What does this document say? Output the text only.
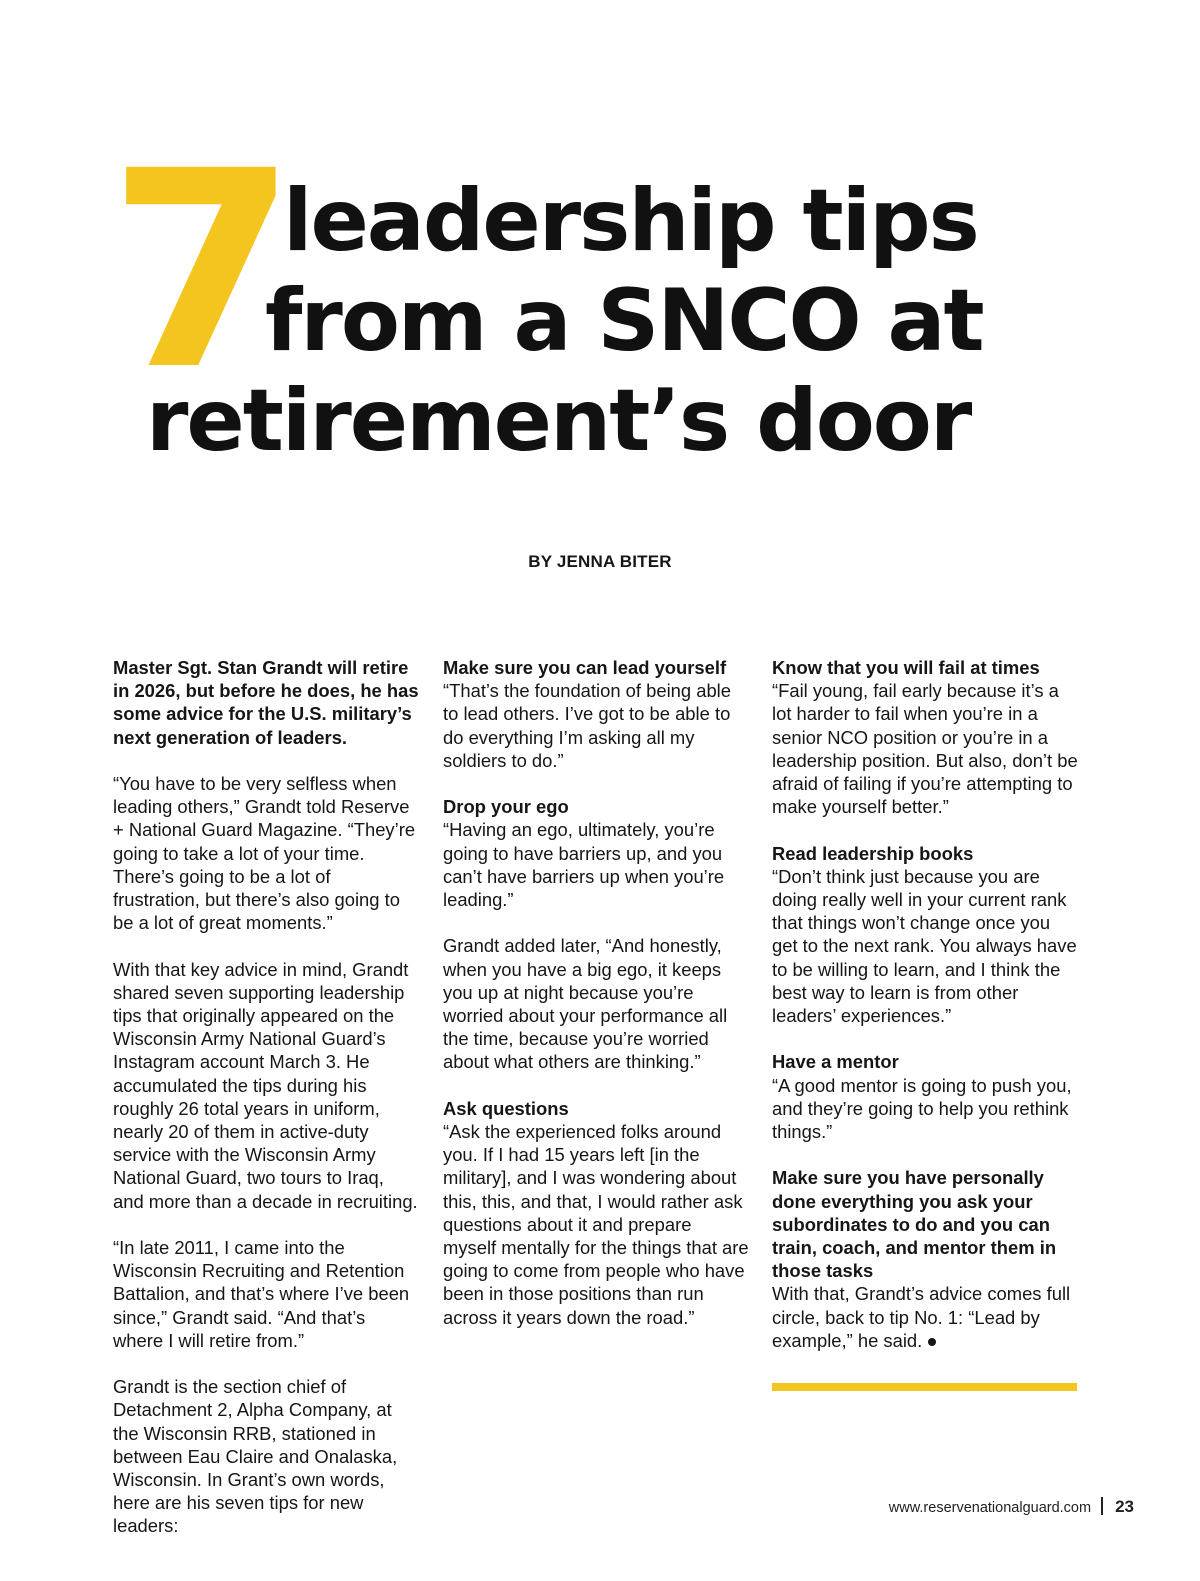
7
leadership tips
from a SNCO at
retirement’s door
BY JENNA BITER

Master Sgt. Stan Grandt will retire in 2026, but before he does, he has some advice for the U.S. military’s next generation of leaders.

“You have to be very selfless when leading others,” Grandt told Reserve + National Guard Magazine. “They’re going to take a lot of your time. There’s going to be a lot of frustration, but there’s also going to be a lot of great moments.”

With that key advice in mind, Grandt shared seven supporting leadership tips that originally appeared on the Wisconsin Army National Guard’s Instagram account March 3. He accumulated the tips during his roughly 26 total years in uniform, nearly 20 of them in active-duty service with the Wisconsin Army National Guard, two tours to Iraq, and more than a decade in recruiting.

“In late 2011, I came into the Wisconsin Recruiting and Retention Battalion, and that’s where I’ve been since,” Grandt said. “And that’s where I will retire from.”

Grandt is the section chief of Detachment 2, Alpha Company, at the Wisconsin RRB, stationed in between Eau Claire and Onalaska, Wisconsin. In Grant’s own words, here are his seven tips for new leaders:

Make sure you can lead yourself

“That’s the foundation of being able to lead others. I’ve got to be able to do everything I’m asking all my soldiers to do.”

Drop your ego

“Having an ego, ultimately, you’re going to have barriers up, and you can’t have barriers up when you’re leading.”

Grandt added later, “And honestly, when you have a big ego, it keeps you up at night because you’re worried about your performance all the time, because you’re worried about what others are thinking.”

Ask questions

“Ask the experienced folks around you. If I had 15 years left [in the military], and I was wondering about this, this, and that, I would rather ask questions about it and prepare myself mentally for the things that are going to come from people who have been in those positions than run across it years down the road.”

Know that you will fail at times

“Fail young, fail early because it’s a lot harder to fail when you’re in a senior NCO position or you’re in a leadership position. But also, don’t be afraid of failing if you’re attempting to make yourself better.”

Read leadership books

“Don’t think just because you are doing really well in your current rank that things won’t change once you get to the next rank. You always have to be willing to learn, and I think the best way to learn is from other leaders’ experiences.”

Have a mentor

“A good mentor is going to push you, and they’re going to help you rethink things.”

Make sure you have personally done everything you ask your subordinates to do and you can train, coach, and mentor them in those tasks

With that, Grandt’s advice comes full circle, back to tip No. 1: “Lead by example,” he said.

www.reservenationalguard.com 23
